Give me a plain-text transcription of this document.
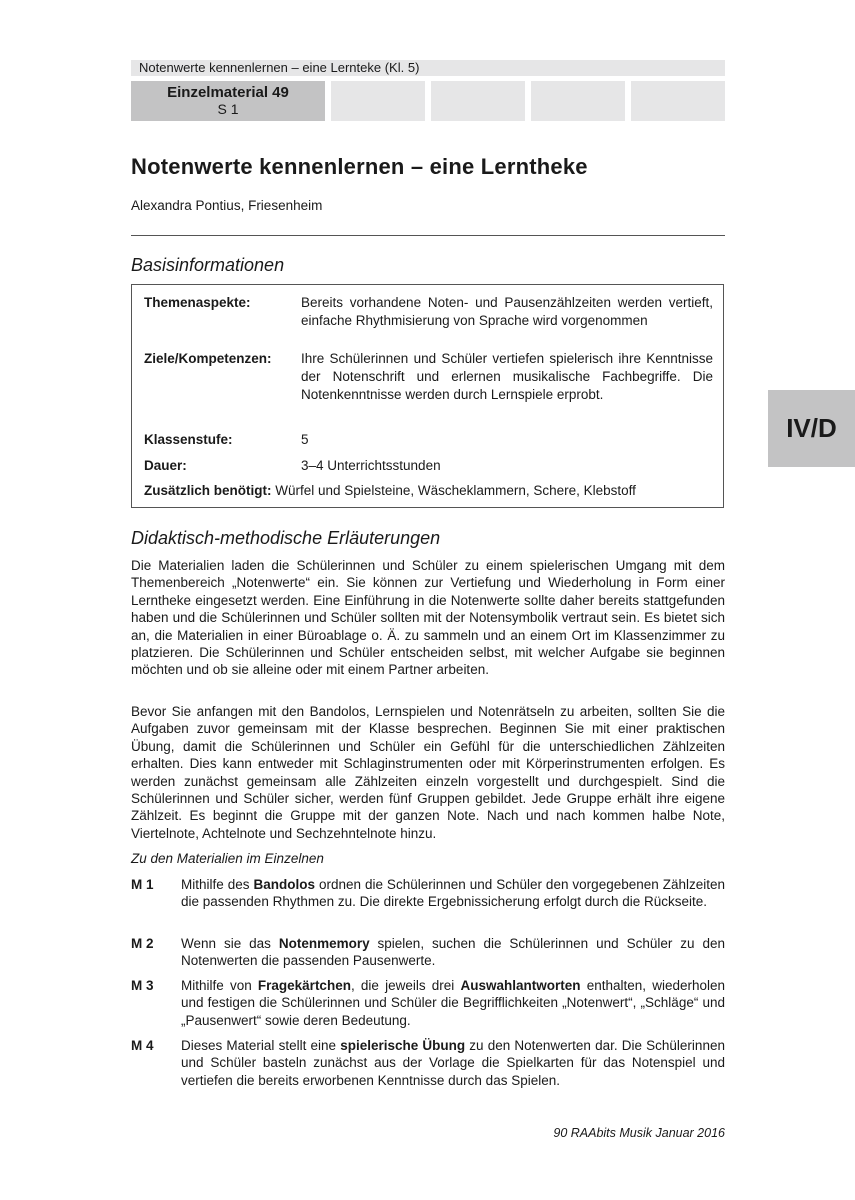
Notenwerte kennenlernen – eine Lernteke (Kl. 5)
Einzelmaterial 49
S 1
Notenwerte kennenlernen – eine Lerntheke
Alexandra Pontius, Friesenheim
Basisinformationen
Themenaspekte:	Bereits vorhandene Noten- und Pausenzählzeiten werden vertieft, einfache Rhythmisierung von Sprache wird vorgenommen
Ziele/Kompetenzen: Ihre Schülerinnen und Schüler vertiefen spielerisch ihre Kenntnisse der Notenschrift und erlernen musikalische Fachbegriffe. Die Notenkenntnisse werden durch Lernspiele erprobt.
Klassenstufe:	5
Dauer:	3–4 Unterrichtsstunden
Zusätzlich benötigt: Würfel und Spielsteine, Wäscheklammern, Schere, Klebstoff
IV/D
Didaktisch-methodische Erläuterungen
Die Materialien laden die Schülerinnen und Schüler zu einem spielerischen Umgang mit dem Themenbereich „Notenwerte“ ein. Sie können zur Vertiefung und Wiederholung in Form einer Lerntheke eingesetzt werden. Eine Einführung in die Notenwerte sollte daher bereits stattgefunden haben und die Schülerinnen und Schüler sollten mit der Notensymbolik vertraut sein. Es bietet sich an, die Materialien in einer Büroablage o. Ä. zu sammeln und an einem Ort im Klassenzimmer zu platzieren. Die Schülerinnen und Schüler entscheiden selbst, mit welcher Aufgabe sie beginnen möchten und ob sie alleine oder mit einem Partner arbeiten.
Bevor Sie anfangen mit den Bandolos, Lernspielen und Notenrätseln zu arbeiten, sollten Sie die Aufgaben zuvor gemeinsam mit der Klasse besprechen. Beginnen Sie mit einer praktischen Übung, damit die Schülerinnen und Schüler ein Gefühl für die unterschiedlichen Zählzeiten erhalten. Dies kann entweder mit Schlaginstrumenten oder mit Körperinstrumenten erfolgen. Es werden zunächst gemeinsam alle Zählzeiten einzeln vorgestellt und durchgespielt. Sind die Schülerinnen und Schüler sicher, werden fünf Gruppen gebildet. Jede Gruppe erhält ihre eigene Zählzeit. Es beginnt die Gruppe mit der ganzen Note. Nach und nach kommen halbe Note, Viertelnote, Achtelnote und Sechzehntelnote hinzu.
Zu den Materialien im Einzelnen
M 1 Mithilfe des Bandolos ordnen die Schülerinnen und Schüler den vorgegebenen Zählzeiten die passenden Rhythmen zu. Die direkte Ergebnissicherung erfolgt durch die Rückseite.
M 2 Wenn sie das Notenmemory spielen, suchen die Schülerinnen und Schüler zu den Notenwerten die passenden Pausenwerte.
M 3 Mithilfe von Fragekärtchen, die jeweils drei Auswahlantworten enthalten, wiederholen und festigen die Schülerinnen und Schüler die Begrifflichkeiten „Notenwert“, „Schläge“ und „Pausenwert“ sowie deren Bedeutung.
M 4 Dieses Material stellt eine spielerische Übung zu den Notenwerten dar. Die Schülerinnen und Schüler basteln zunächst aus der Vorlage die Spielkarten für das Notenspiel und vertiefen die bereits erworbenen Kenntnisse durch das Spielen.
90 RAAbits Musik Januar 2016
